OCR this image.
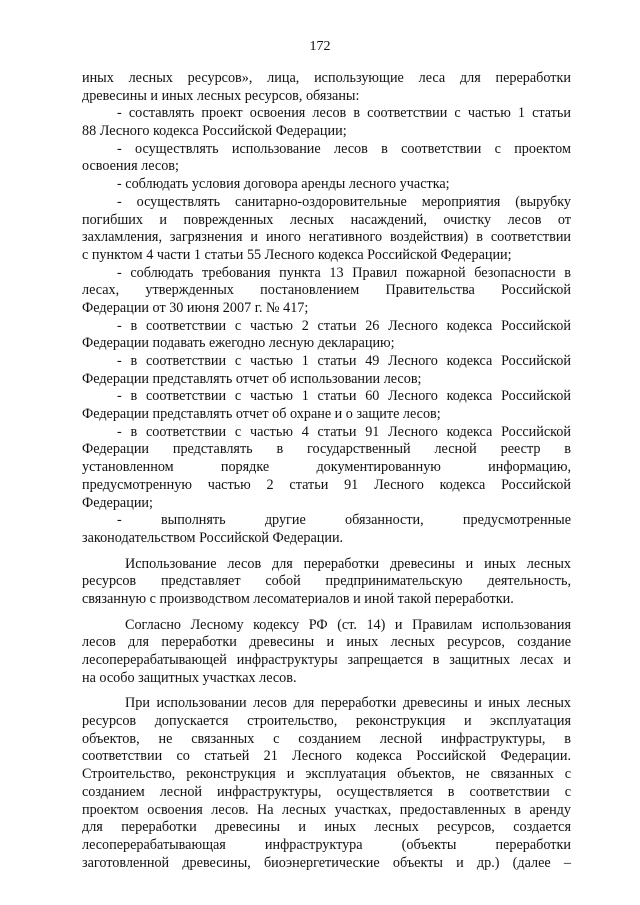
172
иных лесных ресурсов», лица, использующие леса для переработки
древесины и иных лесных ресурсов, обязаны:
- составлять проект освоения лесов в соответствии с частью 1 статьи
88 Лесного кодекса Российской Федерации;
- осуществлять использование лесов в соответствии с проектом
освоения лесов;
- соблюдать условия договора аренды лесного участка;
- осуществлять санитарно-оздоровительные мероприятия (вырубку
погибших и поврежденных лесных насаждений, очистку лесов от
захламления, загрязнения и иного негативного воздействия) в соответствии
с пунктом 4 части 1 статьи 55 Лесного кодекса Российской Федерации;
- соблюдать требования пункта 13 Правил пожарной безопасности в
лесах, утвержденных постановлением Правительства Российской
Федерации от 30 июня 2007 г. № 417;
- в соответствии с частью 2 статьи 26 Лесного кодекса Российской
Федерации подавать ежегодно лесную декларацию;
- в соответствии с частью 1 статьи 49 Лесного кодекса Российской
Федерации представлять отчет об использовании лесов;
- в соответствии с частью 1 статьи 60 Лесного кодекса Российской
Федерации представлять отчет об охране и о защите лесов;
- в соответствии с частью 4 статьи 91 Лесного кодекса Российской
Федерации представлять в государственный лесной реестр в
установленном порядке документированную информацию,
предусмотренную частью 2 статьи 91 Лесного кодекса Российской
Федерации;
- выполнять другие обязанности, предусмотренные
законодательством Российской Федерации.
Использование лесов для переработки древесины и иных лесных
ресурсов представляет собой предпринимательскую деятельность,
связанную с производством лесоматериалов и иной такой переработки.
Согласно Лесному кодексу РФ (ст. 14) и Правилам использования
лесов для переработки древесины и иных лесных ресурсов, создание
лесоперерабатывающей инфраструктуры запрещается в защитных лесах и
на особо защитных участках лесов.
При использовании лесов для переработки древесины и иных лесных
ресурсов допускается строительство, реконструкция и эксплуатация
объектов, не связанных с созданием лесной инфраструктуры, в
соответствии со статьей 21 Лесного кодекса Российской Федерации.
Строительство, реконструкция и эксплуатация объектов, не связанных с
созданием лесной инфраструктуры, осуществляется в соответствии с
проектом освоения лесов. На лесных участках, предоставленных в аренду
для переработки древесины и иных лесных ресурсов, создается
лесоперерабатывающая инфраструктура (объекты переработки
заготовленной древесины, биоэнергетические объекты и др.) (далее –
